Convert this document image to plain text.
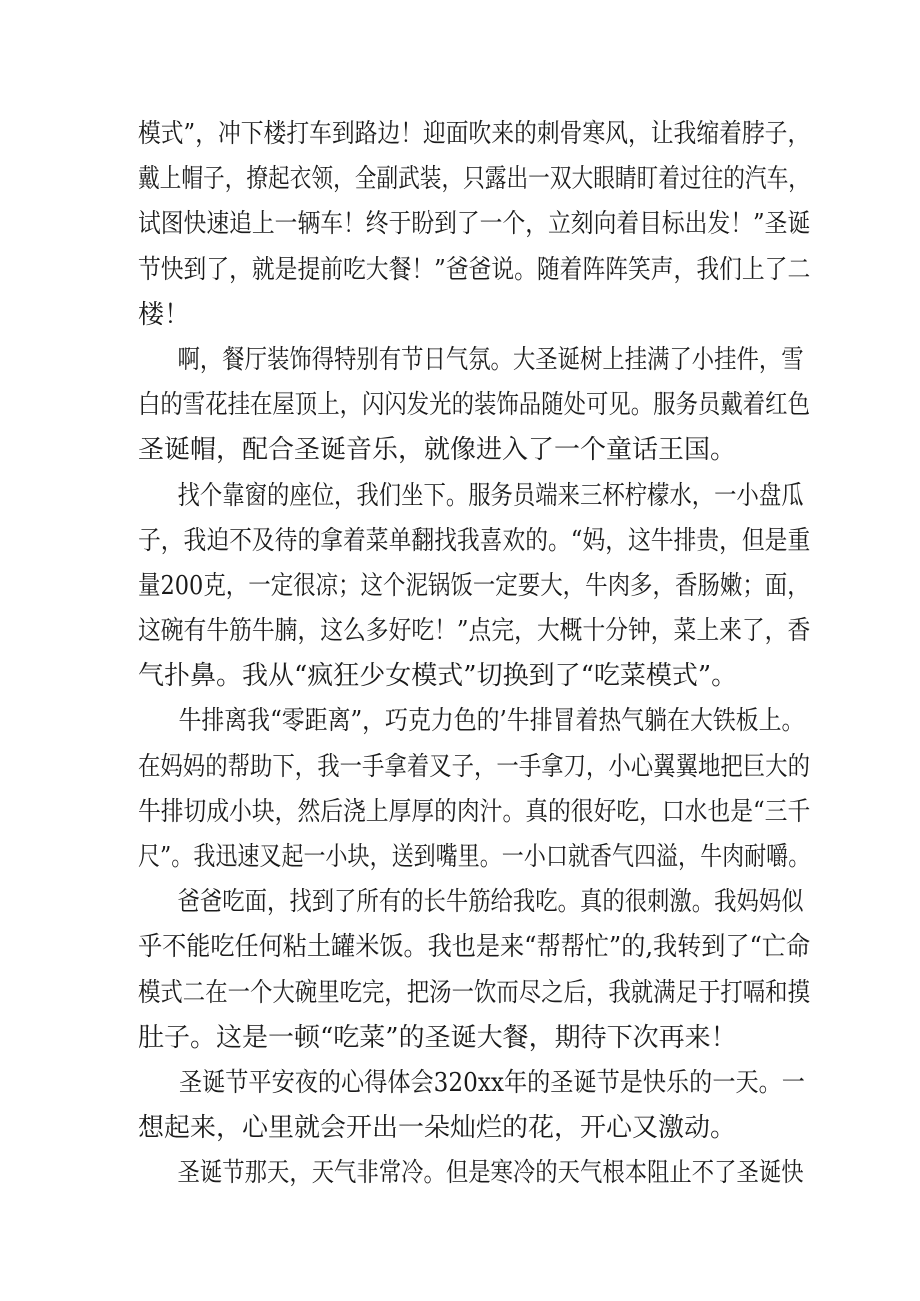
模式”，冲下楼打车到路边！迎面吹来的刺骨寒风，让我缩着脖子，
戴上帽子，撩起衣领，全副武装，只露出一双大眼睛盯着过往的汽车，
试图快速追上一辆车！终于盼到了一个，立刻向着目标出发！”圣诞
节快到了，就是提前吃大餐！”爸爸说。随着阵阵笑声，我们上了二
楼！
啊，餐厅装饰得特别有节日气氛。大圣诞树上挂满了小挂件，雪
白的雪花挂在屋顶上，闪闪发光的装饰品随处可见。服务员戴着红色
圣诞帽，配合圣诞音乐，就像进入了一个童话王国。
找个靠窗的座位，我们坐下。服务员端来三杯柠檬水，一小盘瓜
子，我迫不及待的拿着菜单翻找我喜欢的。“妈，这牛排贵，但是重
量200克，一定很凉；这个泥锅饭一定要大，牛肉多，香肠嫩；面，
这碗有牛筋牛腩，这么多好吃！”点完，大概十分钟，菜上来了，香
气扑鼻。我从“疯狂少女模式”切换到了“吃菜模式”。
牛排离我“零距离”，巧克力色的’牛排冒着热气躺在大铁板上。
在妈妈的帮助下，我一手拿着叉子，一手拿刀，小心翼翼地把巨大的
牛排切成小块，然后浇上厚厚的肉汁。真的很好吃，口水也是“三千
尺”。我迅速叉起一小块，送到嘴里。一小口就香气四溢，牛肉耐嚼。
爸爸吃面，找到了所有的长牛筋给我吃。真的很刺激。我妈妈似
乎不能吃任何粘土罐米饭。我也是来“帮帮忙”的,我转到了“亡命
模式二在一个大碗里吃完，把汤一饮而尽之后，我就满足于打嗝和摸
肚子。这是一顿“吃菜”的圣诞大餐，期待下次再来！
圣诞节平安夜的心得体会320xx年的圣诞节是快乐的一天。一
想起来，心里就会开出一朵灿烂的花，开心又激动。
圣诞节那天，天气非常冷。但是寒冷的天气根本阻止不了圣诞快
